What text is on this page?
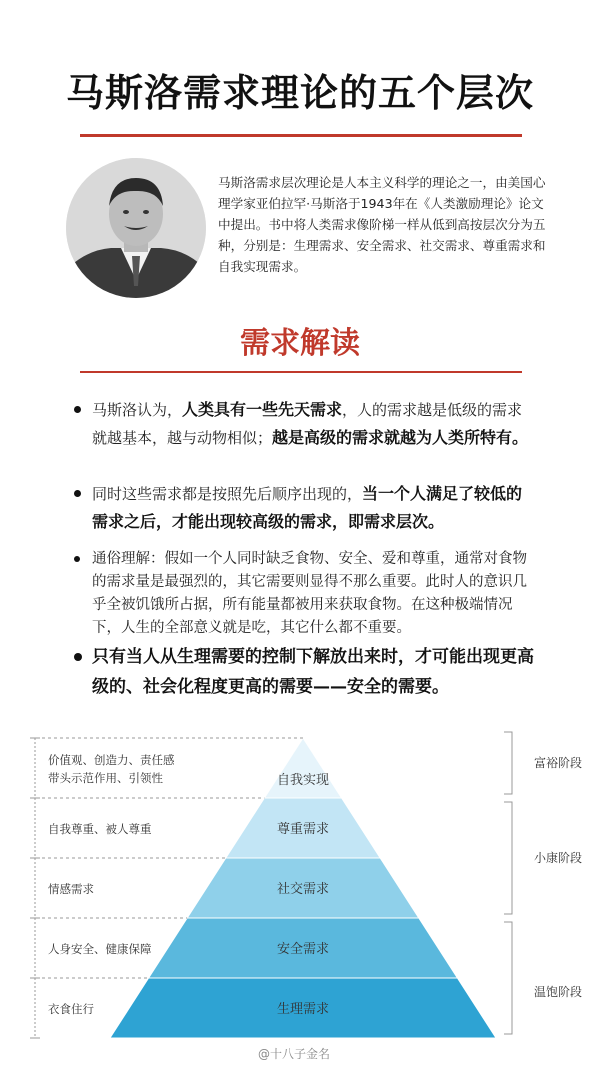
马斯洛需求理论的五个层次
马斯洛需求层次理论是人本主义科学的理论之一，由美国心理学家亚伯拉罕·马斯洛于1943年在《人类激励理论》论文中提出。书中将人类需求像阶梯一样从低到高按层次分为五种，分别是：生理需求、安全需求、社交需求、尊重需求和自我实现需求。
需求解读
马斯洛认为，人类具有一些先天需求，人的需求越是低级的需求就越基本，越与动物相似；越是高级的需求就越为人类所特有。
同时这些需求都是按照先后顺序出现的，当一个人满足了较低的需求之后，才能出现较高级的需求，即需求层次。
通俗理解：假如一个人同时缺乏食物、安全、爱和尊重，通常对食物的需求量是最强烈的，其它需要则显得不那么重要。此时人的意识几乎全被饥饿所占据，所有能量都被用来获取食物。在这种极端情况下，人生的全部意义就是吃，其它什么都不重要。
只有当人从生理需要的控制下解放出来时，才可能出现更高级的、社会化程度更高的需要——安全的需要。
自我实现
价值观、创造力、责任感
带头示范作用、引领性
尊重需求
自我尊重、被人尊重
社交需求
情感需求
安全需求
人身安全、健康保障
生理需求
衣食住行
富裕阶段
小康阶段
温饱阶段
@十八子金名
